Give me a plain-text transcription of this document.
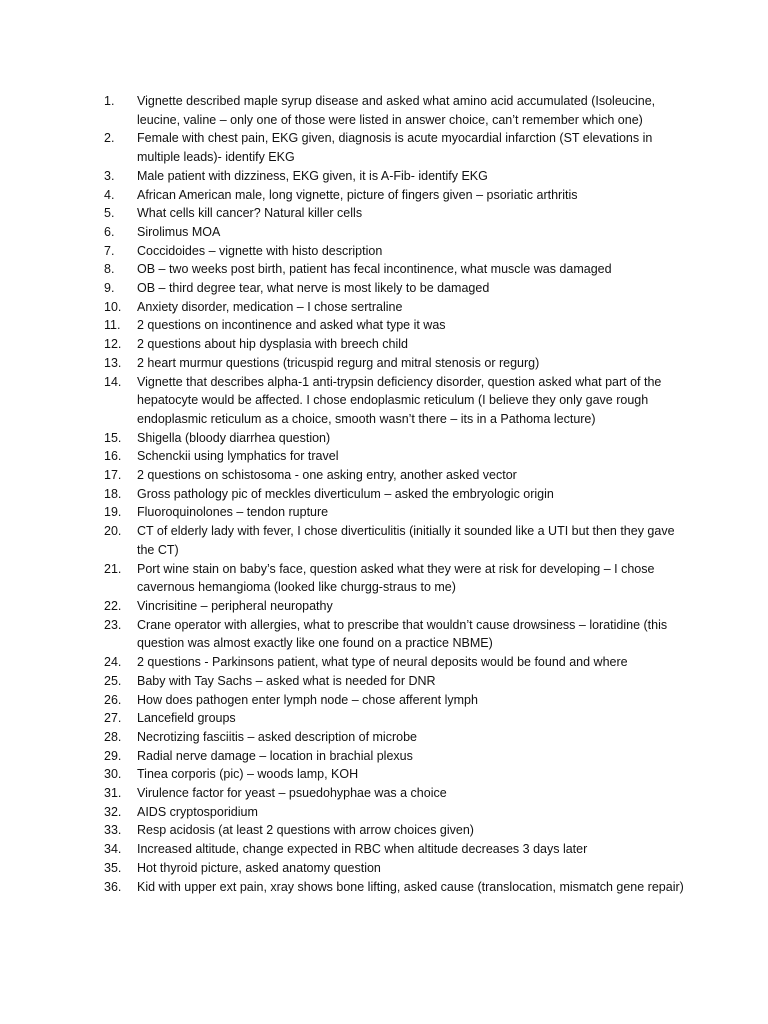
1.	Vignette described maple syrup disease and asked what amino acid accumulated (Isoleucine, leucine, valine – only one of those were listed in answer choice, can’t remember which one)
2.	Female with chest pain, EKG given, diagnosis is acute myocardial infarction (ST elevations in multiple leads)- identify EKG
3.	Male patient with dizziness, EKG given, it is A-Fib- identify EKG
4.	African American male, long vignette, picture of fingers given – psoriatic arthritis
5.	What cells kill cancer? Natural killer cells
6.	Sirolimus MOA
7.	Coccidoides – vignette with histo description
8.	OB – two weeks post birth, patient has fecal incontinence, what muscle was damaged
9.	OB – third degree tear, what nerve is most likely to be damaged
10.	Anxiety disorder, medication – I chose sertraline
11.	2 questions on incontinence and asked what type it was
12.	2 questions about hip dysplasia with breech child
13.	2 heart murmur questions (tricuspid regurg and mitral stenosis or regurg)
14.	Vignette that describes alpha-1 anti-trypsin deficiency disorder, question asked what part of the hepatocyte would be affected. I chose endoplasmic reticulum (I believe they only gave rough endoplasmic reticulum as a choice, smooth wasn’t there – its in a Pathoma lecture)
15.	Shigella (bloody diarrhea question)
16.	Schenckii using lymphatics for travel
17.	2 questions on schistosoma - one asking entry, another asked vector
18.	Gross pathology pic of meckles diverticulum – asked the embryologic origin
19.	Fluoroquinolones – tendon rupture
20.	CT of elderly lady with fever, I chose diverticulitis (initially it sounded like a UTI but then they gave the CT)
21.	Port wine stain on baby’s face, question asked what they were at risk for developing – I chose cavernous hemangioma (looked like churgg-straus to me)
22.	Vincrisitine – peripheral neuropathy
23.	Crane operator with allergies, what to prescribe that wouldn’t cause drowsiness – loratidine (this question was almost exactly like one found on a practice NBME)
24.	2 questions - Parkinsons patient, what type of neural deposits would be found and where
25.	Baby with Tay Sachs – asked what is needed for DNR
26.	How does pathogen enter lymph node – chose afferent lymph
27.	Lancefield groups
28.	Necrotizing fasciitis – asked description of microbe
29.	Radial nerve damage – location in brachial plexus
30.	Tinea corporis (pic) – woods lamp, KOH
31.	Virulence factor for yeast – psuedohyphae was a choice
32.	AIDS cryptosporidium
33.	Resp acidosis (at least 2 questions with arrow choices given)
34.	Increased altitude, change expected in RBC when altitude decreases 3 days later
35.	Hot thyroid picture, asked anatomy question
36.	Kid with upper ext pain, xray shows bone lifting, asked cause (translocation, mismatch gene repair)
